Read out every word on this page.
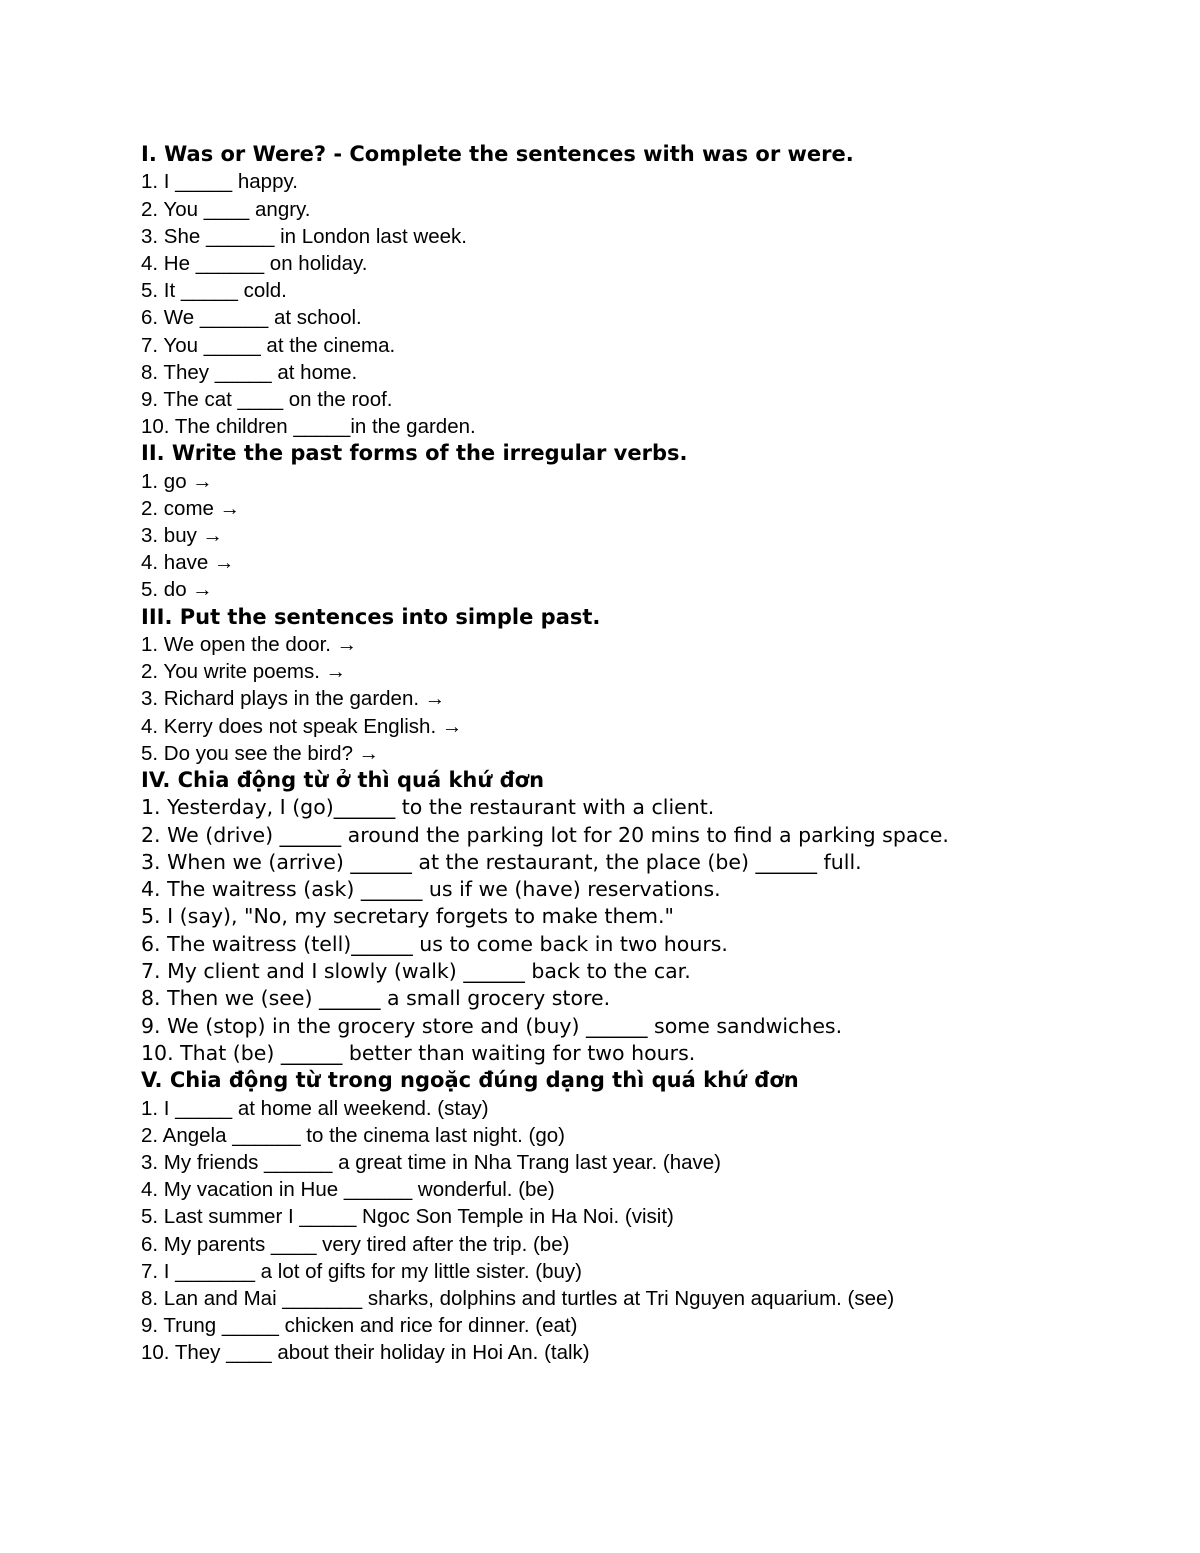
I. Was or Were? - Complete the sentences with was or were.

1. I _____ happy.

2. You ____ angry.

3. She ______ in London last week.

4. He ______ on holiday.

5. It _____ cold.

6. We ______ at school.

7. You _____ at the cinema.

8. They _____ at home.

9. The cat ____ on the roof.

10. The children _____in the garden.

II. Write the past forms of the irregular verbs.

1. go →

2. come →

3. buy →

4. have →

5. do →

III. Put the sentences into simple past.

1. We open the door. →

2. You write poems. →

3. Richard plays in the garden. →

4. Kerry does not speak English. →

5. Do you see the bird? →

IV. Chia động từ ở thì quá khứ đơn

1. Yesterday, I (go)______ to the restaurant with a client.

2. We (drive) ______ around the parking lot for 20 mins to find a parking space.

3. When we (arrive) ______ at the restaurant, the place (be) ______ full.

4. The waitress (ask) ______ us if we (have) reservations.

5. I (say), "No, my secretary forgets to make them."

6. The waitress (tell)______ us to come back in two hours.

7. My client and I slowly (walk) ______ back to the car.

8. Then we (see) ______ a small grocery store.

9. We (stop) in the grocery store and (buy) ______ some sandwiches.

10. That (be) ______ better than waiting for two hours.

V. Chia động từ trong ngoặc đúng dạng thì quá khứ đơn

1. I _____ at home all weekend. (stay)

2. Angela ______ to the cinema last night. (go)

3. My friends ______ a great time in Nha Trang last year. (have)

4. My vacation in Hue ______ wonderful. (be)

5. Last summer I _____ Ngoc Son Temple in Ha Noi. (visit)

6. My parents ____ very tired after the trip. (be)

7. I _______ a lot of gifts for my little sister. (buy)

8. Lan and Mai _______ sharks, dolphins and turtles at Tri Nguyen aquarium. (see)

9. Trung _____ chicken and rice for dinner. (eat)

10. They ____ about their holiday in Hoi An. (talk)
